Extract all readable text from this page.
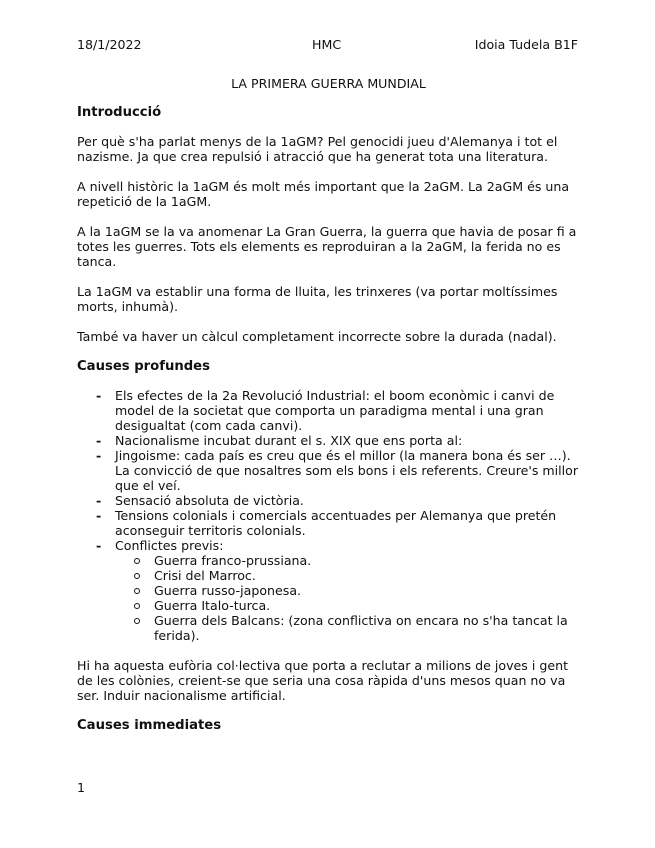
18/1/2022	HMC	Idoia Tudela B1F
LA PRIMERA GUERRA MUNDIAL
Introducció

Per què s'ha parlat menys de la 1aGM? Pel genocidi jueu d'Alemanya i tot el nazisme. Ja que crea repulsió i atracció que ha generat tota una literatura.

A nivell històric la 1aGM és molt més important que la 2aGM. La 2aGM és una repetició de la 1aGM.

A la 1aGM se la va anomenar La Gran Guerra, la guerra que havia de posar fi a totes les guerres. Tots els elements es reproduiran a la 2aGM, la ferida no es tanca.

La 1aGM va establir una forma de lluita, les trinxeres (va portar moltíssimes morts, inhumà).

També va haver un càlcul completament incorrecte sobre la durada (nadal).

Causes profundes
- Els efectes de la 2a Revolució Industrial: el boom econòmic i canvi de model de la societat que comporta un paradigma mental i una gran desigualtat (com cada canvi).
- Nacionalisme incubat durant el s. XIX que ens porta al:
- Jingoisme: cada país es creu que és el millor (la manera bona és ser …). La convicció de que nosaltres som els bons i els referents. Creure's millor que el veí.
- Sensació absoluta de victòria.
- Tensions colonials i comercials accentuades per Alemanya que pretén aconseguir territoris colonials.
- Conflictes previs:
Guerra franco-prussiana.
Crisi del Marroc.
Guerra russo-japonesa.
Guerra Italo-turca.
Guerra dels Balcans: (zona conflictiva on encara no s'ha tancat la ferida).

Hi ha aquesta eufòria col·lectiva que porta a reclutar a milions de joves i gent de les colònies, creient-se que seria una cosa ràpida d'uns mesos quan no va ser. Induir nacionalisme artificial.

Causes immediates
1
